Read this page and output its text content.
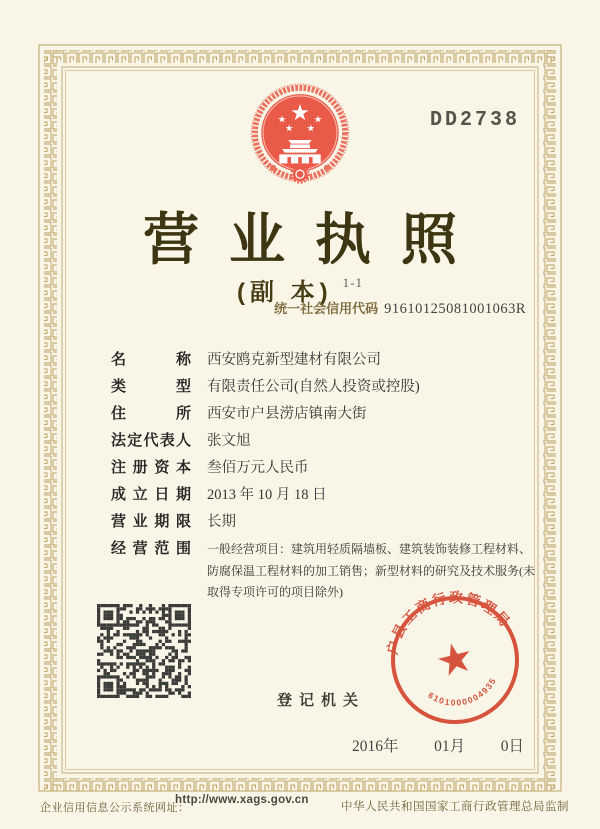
DD2738
营业执照
(副 本) 1-1
统一社会信用代码 91610125081001063R
名称 西安鸥克新型建材有限公司
类型 有限责任公司(自然人投资或控股)
住所 西安市户县涝店镇南大街
法定代表人 张文旭
注册资本 叁佰万元人民币
成立日期 2013 年 10 月 18 日
营业期限 长期
经营范围 一般经营项目：建筑用轻质隔墙板、建筑装饰装修工程材料、防腐保温工程材料的加工销售；新型材料的研究及技术服务(未取得专项许可的项目除外)
登记机关
户县工商行政管理局
6101000004935
2016年 01月 0日
企业信用信息公示系统网址：
http://www.xags.gov.cn
中华人民共和国国家工商行政管理总局监制
